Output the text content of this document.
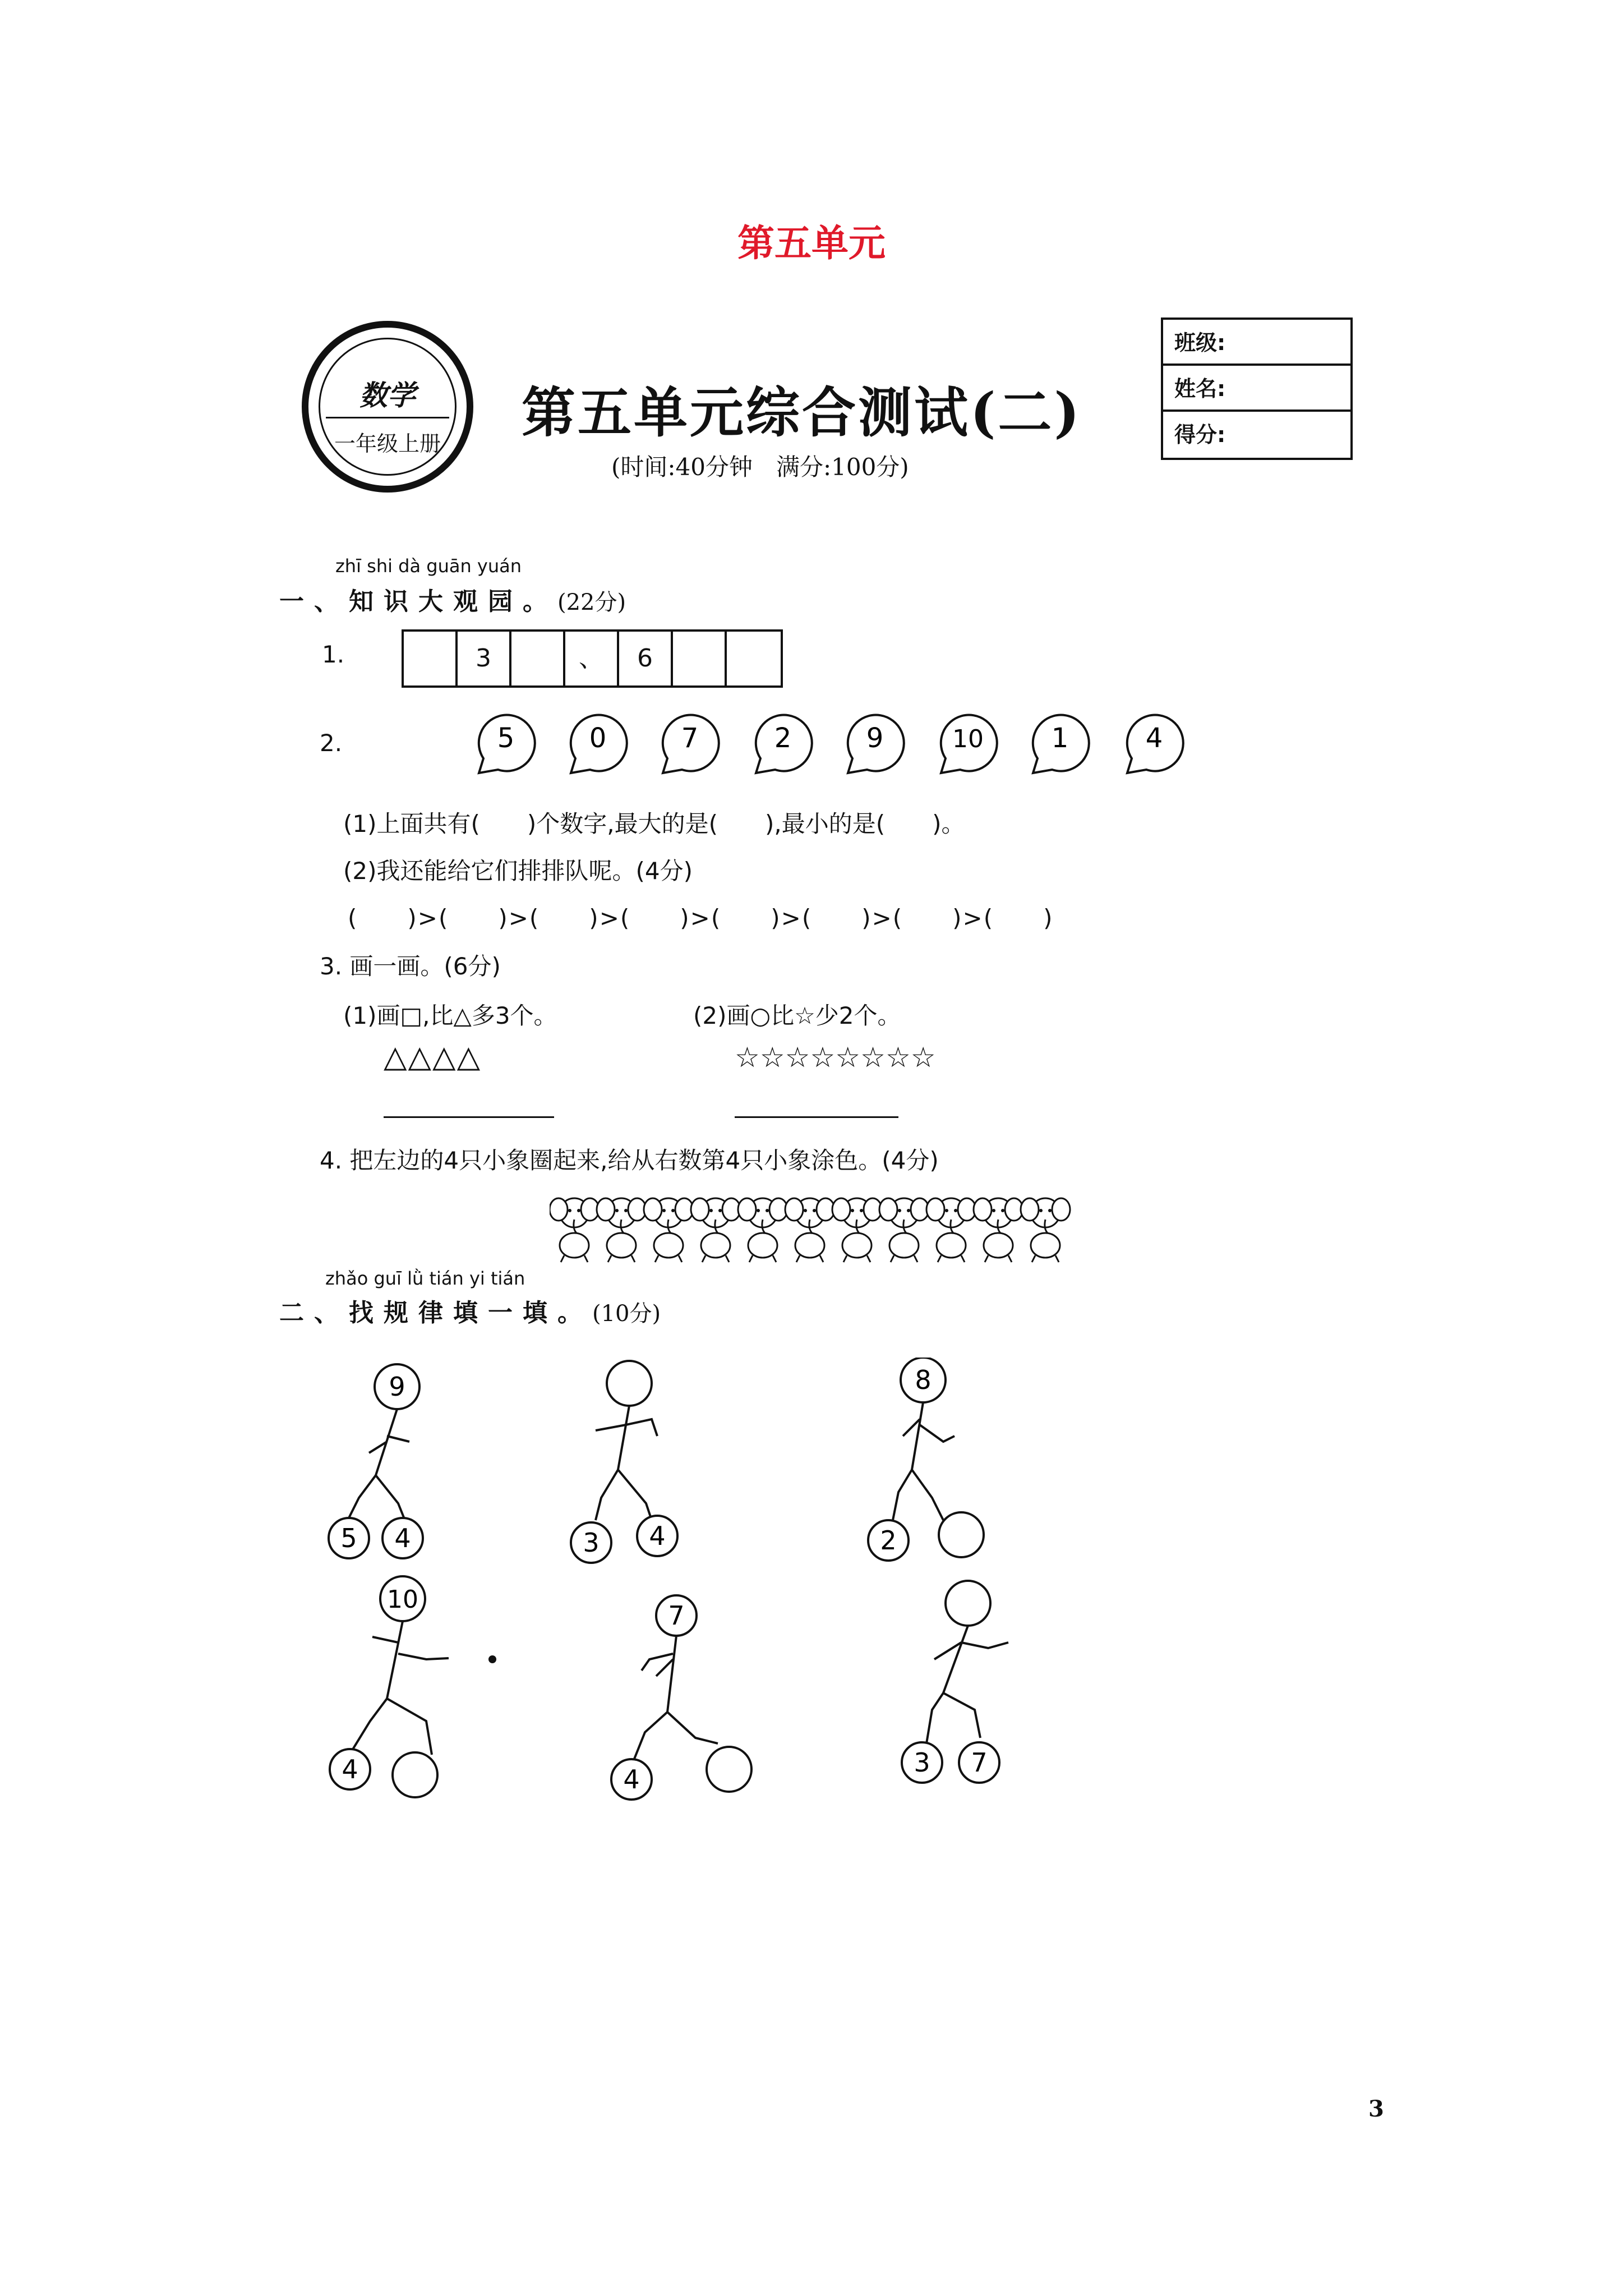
第五单元
数学
一年级上册 第五单元综合测试(二)
(时间:40分钟　满分:100分)
班级:
姓名:
得分:
zhī shi dà guān yuán
一、知识大观园。(22分)
1.	3	、	6
2.	5	0	7	2	9	10	1	4
(1)上面共有(　　)个数字,最大的是(　　),最小的是(　　)。
(2)我还能给它们排排队呢。(4分)
(　　)>(　　)>(　　)>(　　)>(　　)>(　　)>(　　)>(　　)
3. 画一画。(6分)
(1)画□,比△多3个。	(2)画○比☆少2个。
△△△△	☆☆☆☆☆☆☆☆
4. 把左边的4只小象圈起来,给从右数第4只小象涂色。(4分)
zhǎo guī lǜ tián yi tián
二、找规律填一填。(10分)
9
5 4	3 4
8
2
10
4
7
4
3 7
3
